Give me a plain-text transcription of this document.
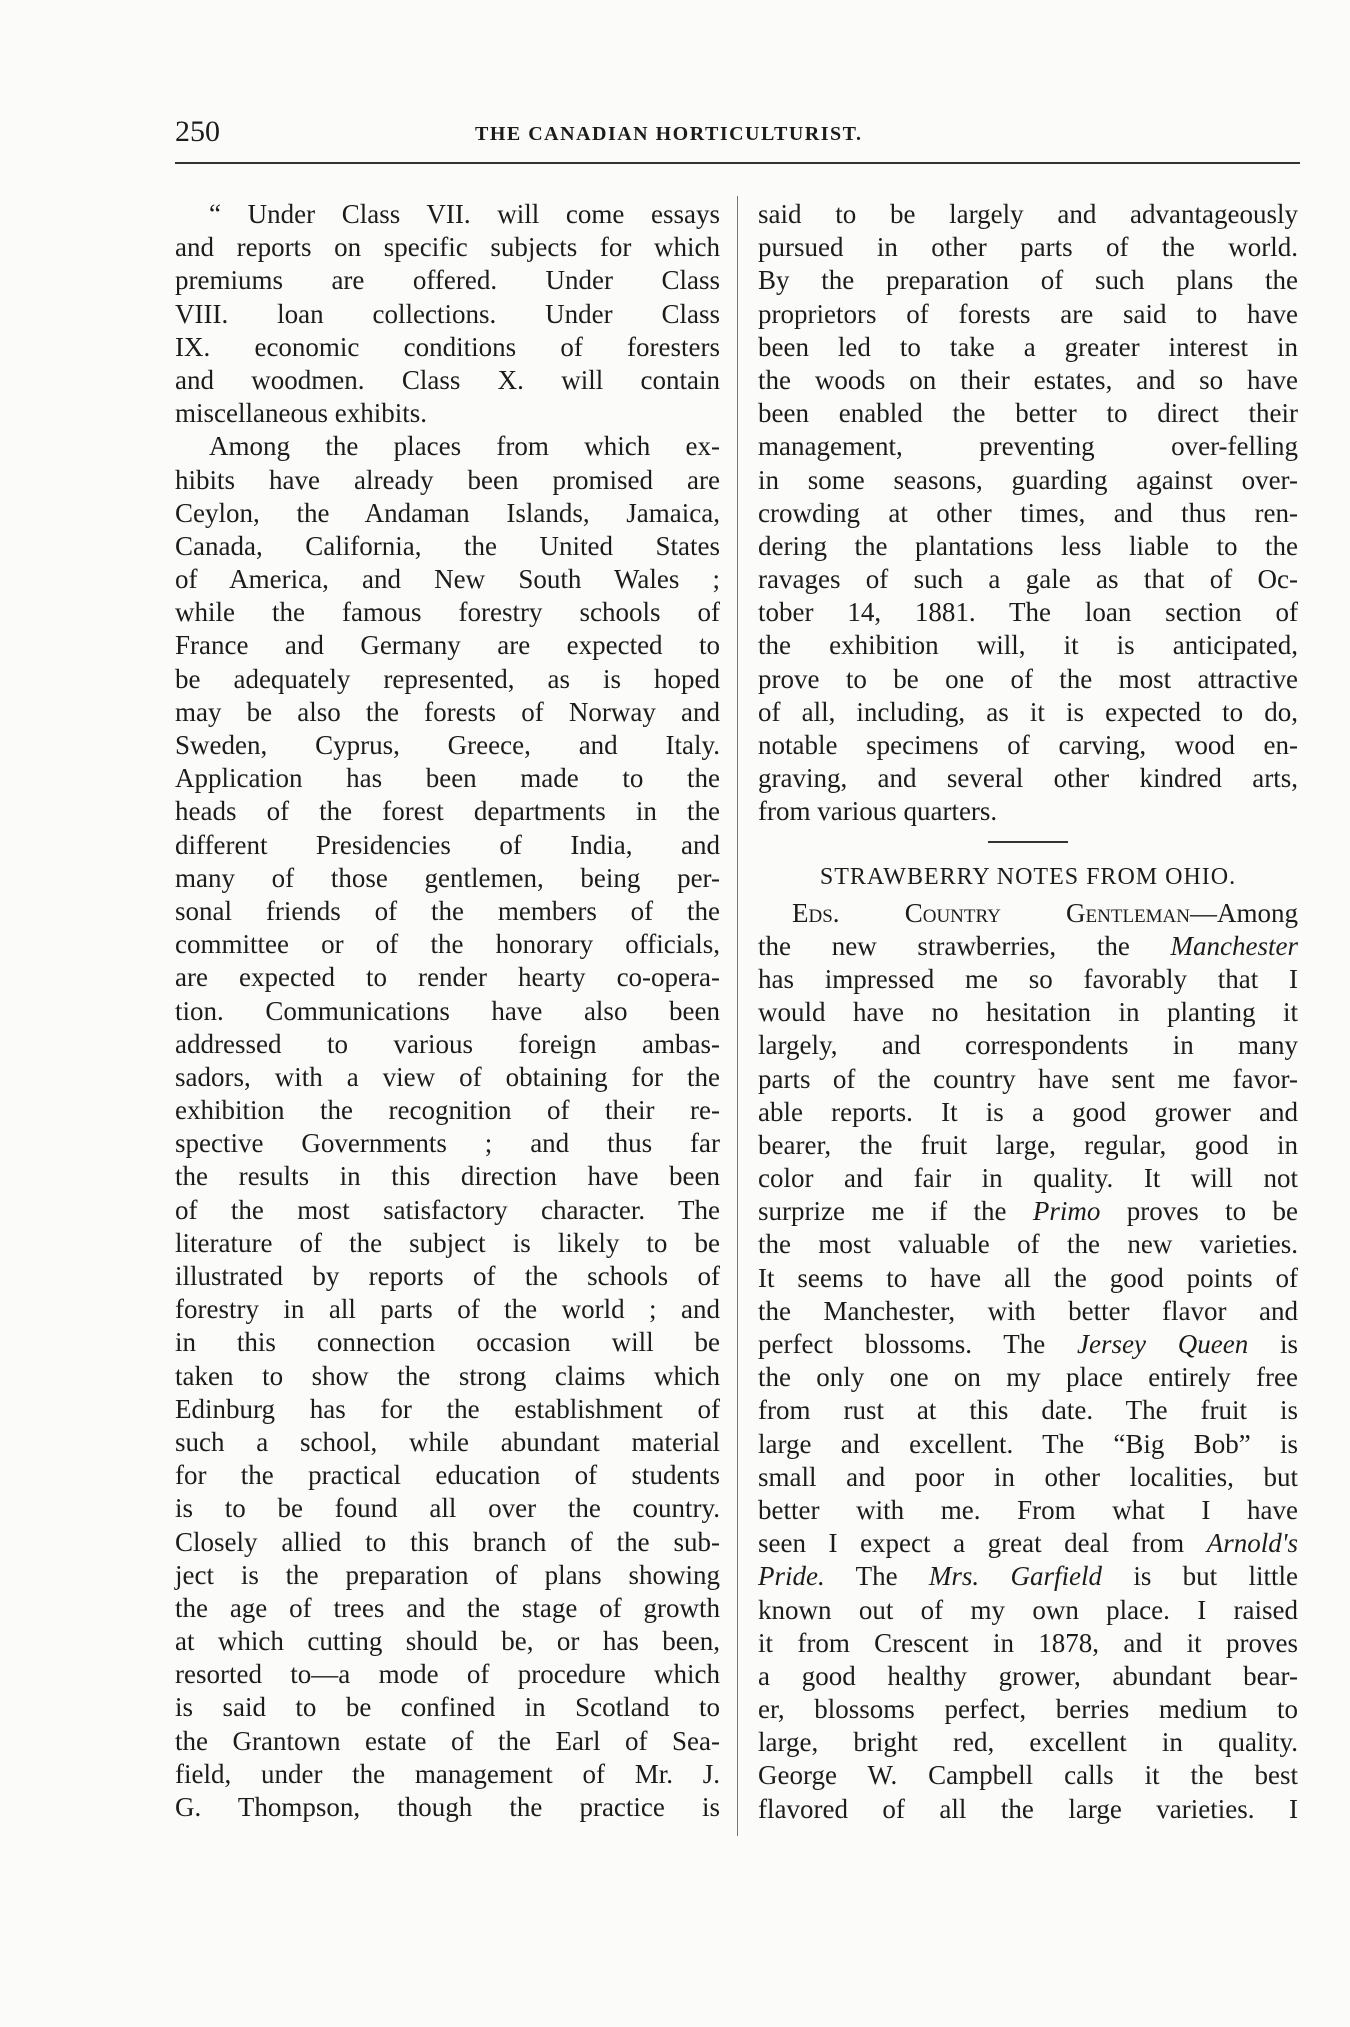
250	THE CANADIAN HORTICULTURIST.
“ Under Class VII. will come essays
and reports on specific subjects for which
premiums are offered. Under Class
VIII. loan collections. Under Class
IX. economic conditions of foresters
and woodmen. Class X. will contain
miscellaneous exhibits.
Among the places from which ex-
hibits have already been promised are
Ceylon, the Andaman Islands, Jamaica,
Canada, California, the United States
of America, and New South Wales ;
while the famous forestry schools of
France and Germany are expected to
be adequately represented, as is hoped
may be also the forests of Norway and
Sweden, Cyprus, Greece, and Italy.
Application has been made to the
heads of the forest departments in the
different Presidencies of India, and
many of those gentlemen, being per-
sonal friends of the members of the
committee or of the honorary officials,
are expected to render hearty co-opera-
tion. Communications have also been
addressed to various foreign ambas-
sadors, with a view of obtaining for the
exhibition the recognition of their re-
spective Governments ; and thus far
the results in this direction have been
of the most satisfactory character. The
literature of the subject is likely to be
illustrated by reports of the schools of
forestry in all parts of the world ; and
in this connection occasion will be
taken to show the strong claims which
Edinburg has for the establishment of
such a school, while abundant material
for the practical education of students
is to be found all over the country.
Closely allied to this branch of the sub-
ject is the preparation of plans showing
the age of trees and the stage of growth
at which cutting should be, or has been,
resorted to—a mode of procedure which
is said to be confined in Scotland to
the Grantown estate of the Earl of Sea-
field, under the management of Mr. J.
G. Thompson, though the practice is
said to be largely and advantageously
pursued in other parts of the world.
By the preparation of such plans the
proprietors of forests are said to have
been led to take a greater interest in
the woods on their estates, and so have
been enabled the better to direct their
management, preventing over-felling
in some seasons, guarding against over-
crowding at other times, and thus ren-
dering the plantations less liable to the
ravages of such a gale as that of Oc-
tober 14, 1881. The loan section of
the exhibition will, it is anticipated,
prove to be one of the most attractive
of all, including, as it is expected to do,
notable specimens of carving, wood en-
graving, and several other kindred arts,
from various quarters.
STRAWBERRY NOTES FROM OHIO.
Eds. Country Gentleman—Among
the new strawberries, the Manchester
has impressed me so favorably that I
would have no hesitation in planting it
largely, and correspondents in many
parts of the country have sent me favor-
able reports. It is a good grower and
bearer, the fruit large, regular, good in
color and fair in quality. It will not
surprize me if the Primo proves to be
the most valuable of the new varieties.
It seems to have all the good points of
the Manchester, with better flavor and
perfect blossoms. The Jersey Queen is
the only one on my place entirely free
from rust at this date. The fruit is
large and excellent. The “Big Bob” is
small and poor in other localities, but
better with me. From what I have
seen I expect a great deal from Arnold's
Pride. The Mrs. Garfield is but little
known out of my own place. I raised
it from Crescent in 1878, and it proves
a good healthy grower, abundant bear-
er, blossoms perfect, berries medium to
large, bright red, excellent in quality.
George W. Campbell calls it the best
flavored of all the large varieties. I
